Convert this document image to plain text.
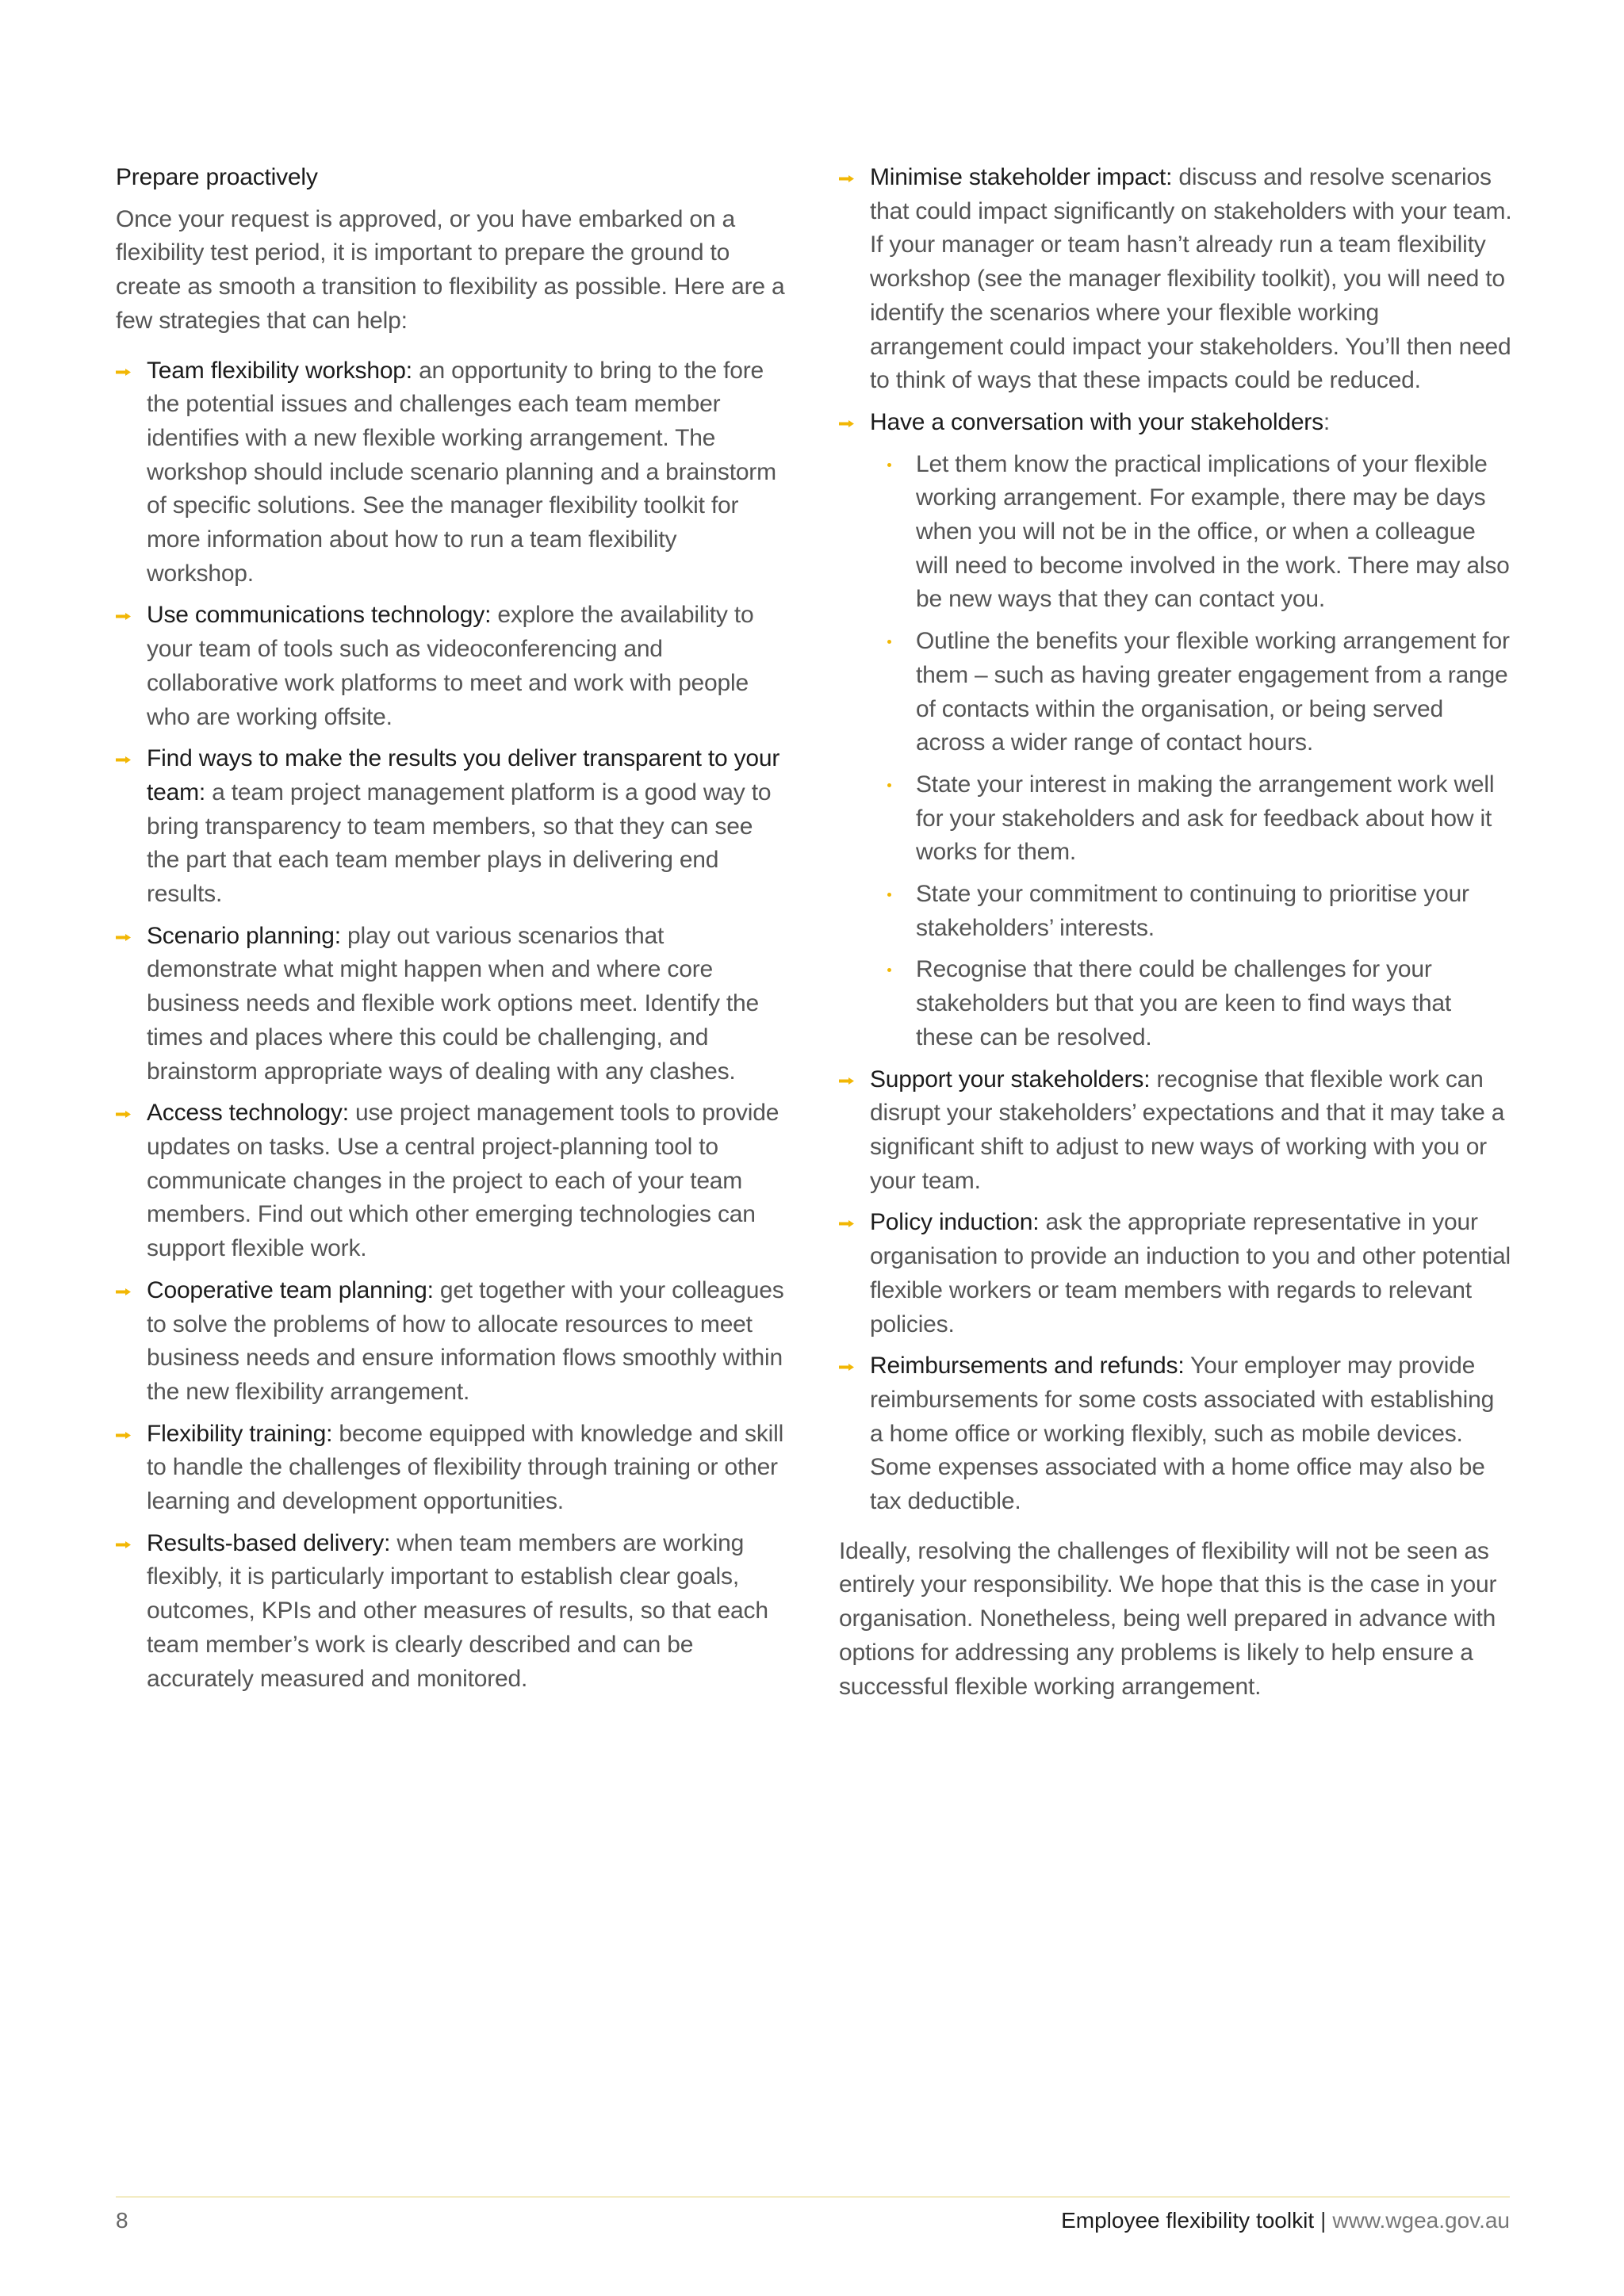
Prepare proactively

Once your request is approved, or you have embarked on a flexibility test period, it is important to prepare the ground to create as smooth a transition to flexibility as possible. Here are a few strategies that can help:

Team flexibility workshop: an opportunity to bring to the fore the potential issues and challenges each team member identifies with a new flexible working arrangement. The workshop should include scenario planning and a brainstorm of specific solutions. See the manager flexibility toolkit for more information about how to run a team flexibility workshop.
Use communications technology: explore the availability to your team of tools such as videoconferencing and collaborative work platforms to meet and work with people who are working offsite.
Find ways to make the results you deliver transparent to your team: a team project management platform is a good way to bring transparency to team members, so that they can see the part that each team member plays in delivering end results.
Scenario planning: play out various scenarios that demonstrate what might happen when and where core business needs and flexible work options meet. Identify the times and places where this could be challenging, and brainstorm appropriate ways of dealing with any clashes.
Access technology: use project management tools to provide updates on tasks. Use a central project-planning tool to communicate changes in the project to each of your team members. Find out which other emerging technologies can support flexible work.
Cooperative team planning: get together with your colleagues to solve the problems of how to allocate resources to meet business needs and ensure information flows smoothly within the new flexibility arrangement.
Flexibility training: become equipped with knowledge and skill to handle the challenges of flexibility through training or other learning and development opportunities.
Results-based delivery: when team members are working flexibly, it is particularly important to establish clear goals, outcomes, KPIs and other measures of results, so that each team member’s work is clearly described and can be accurately measured and monitored.
Minimise stakeholder impact: discuss and resolve scenarios that could impact significantly on stakeholders with your team. If your manager or team hasn’t already run a team flexibility workshop (see the manager flexibility toolkit), you will need to identify the scenarios where your flexible working arrangement could impact your stakeholders. You’ll then need to think of ways that these impacts could be reduced.
Have a conversation with your stakeholders:
Let them know the practical implications of your flexible working arrangement. For example, there may be days when you will not be in the office, or when a colleague will need to become involved in the work. There may also be new ways that they can contact you.
Outline the benefits your flexible working arrangement for them – such as having greater engagement from a range of contacts within the organisation, or being served across a wider range of contact hours.
State your interest in making the arrangement work well for your stakeholders and ask for feedback about how it works for them.
State your commitment to continuing to prioritise your stakeholders’ interests.
Recognise that there could be challenges for your stakeholders but that you are keen to find ways that these can be resolved.
Support your stakeholders: recognise that flexible work can disrupt your stakeholders’ expectations and that it may take a significant shift to adjust to new ways of working with you or your team.
Policy induction: ask the appropriate representative in your organisation to provide an induction to you and other potential flexible workers or team members with regards to relevant policies.
Reimbursements and refunds: Your employer may provide reimbursements for some costs associated with establishing a home office or working flexibly, such as mobile devices. Some expenses associated with a home office may also be tax deductible.

Ideally, resolving the challenges of flexibility will not be seen as entirely your responsibility. We hope that this is the case in your organisation. Nonetheless, being well prepared in advance with options for addressing any problems is likely to help ensure a successful flexible working arrangement.

8	Employee flexibility toolkit | www.wgea.gov.au
